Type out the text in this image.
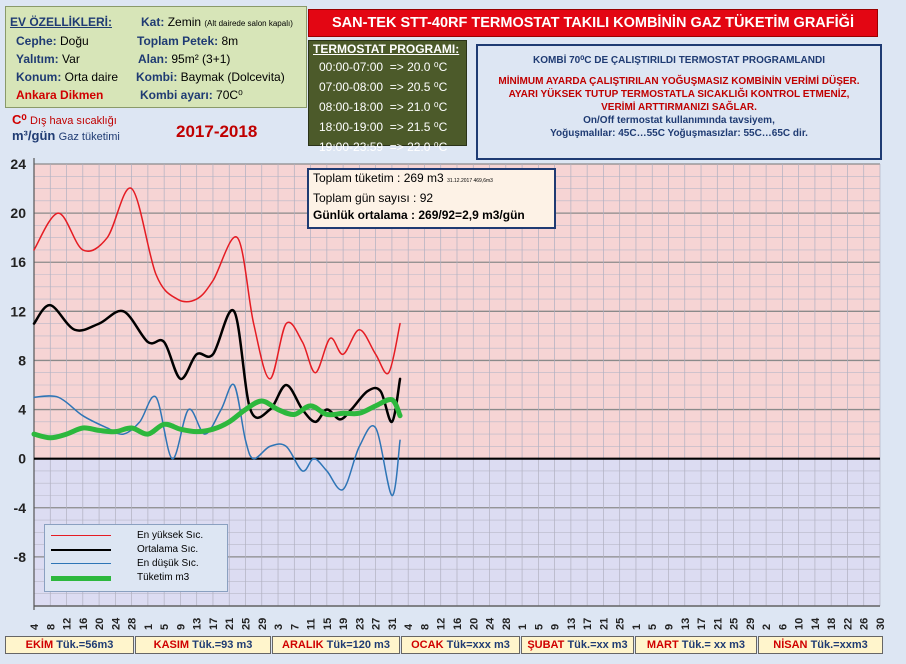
EV ÖZELLİKLERİ: Kat: Zemin (Alt dairede salon kapalı)
Cephe: Doğu	Toplam Petek: 8m
Yalıtım: Var	Alan: 95m² (3+1)
Konum: Orta daire Kombi: Baymak (Dolcevita)
Ankara Dikmen	Kombi ayarı: 70C⁰
SAN-TEK STT-40RF TERMOSTAT TAKILI KOMBİNİN GAZ TÜKETİM GRAFİĞİ
TERMOSTAT PROGRAMI:
00:00-07:00 => 20.0 ⁰C
07:00-08:00 => 20.5 ⁰C
08:00-18:00 => 21.0 ⁰C
18:00-19:00 => 21.5 ⁰C
19:00-23:59 => 22.0 ⁰C
KOMBİ 70⁰C DE ÇALIŞTIRILDI TERMOSTAT PROGRAMLANDI
MİNİMUM AYARDA ÇALIŞTIRILAN YOĞUŞMASIZ KOMBİNİN VERİMİ DÜŞER.
AYARI YÜKSEK TUTUP TERMOSTATLA SICAKLIĞI KONTROL ETMENİZ,
VERİMİ ARTTIRMANIZI SAĞLAR.
On/Off termostat kullanımında tavsiyem,
Yoğuşmalılar: 45C…55C Yoğuşmasızlar: 55C…65C dir.
C⁰ Dış hava sıcaklığı
m³/gün Gaz tüketimi	2017-2018
24
20
16
12
8
4
0
-4
-8
4 8 12 16 20 24 28 1 5 9 13 17 21 25 29 3 7 11 15 19 23 27 31 4 8 12 16 20 24 28 1 5 9 13 17 21 25 1 5 9 13 17 21 25 29 2 6 10 14 18 22 26 30
Toplam tüketim : 269 m3 31.12.2017 469,6m3
Toplam gün sayısı : 92
Günlük ortalama : 269/92=2,9 m3/gün
En yüksek Sıc.
Ortalama Sıc.
En düşük Sıc.
Tüketim m3
EKİM Tük.=56m3	KASIM Tük.=93 m3	ARALIK Tük=120 m3	OCAK Tük=xxx m3	ŞUBAT Tük.=xx m3	MART Tük.= xx m3	NİSAN Tük.=xxm3
